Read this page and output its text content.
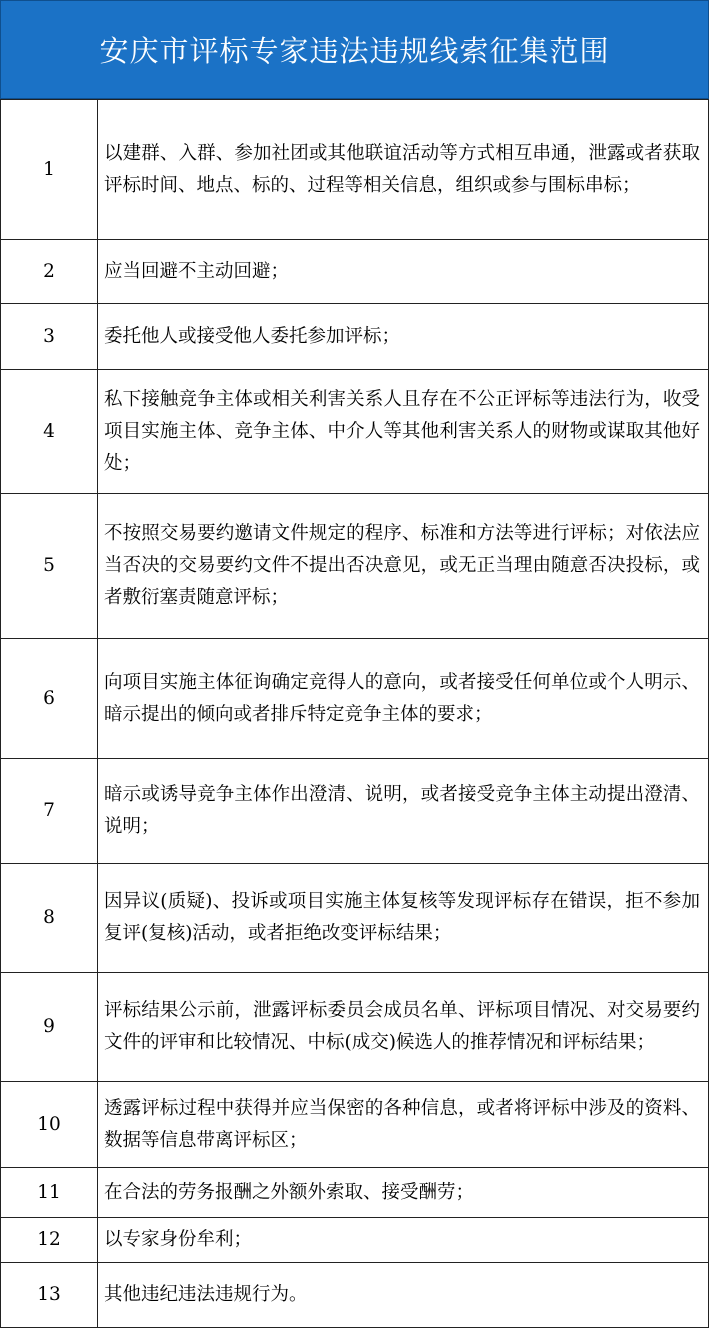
安庆市评标专家违法违规线索征集范围
1	以建群、入群、参加社团或其他联谊活动等方式相互串通，泄露或者获取评标时间、地点、标的、过程等相关信息，组织或参与围标串标；
2	应当回避不主动回避；
3	委托他人或接受他人委托参加评标；
4	私下接触竞争主体或相关利害关系人且存在不公正评标等违法行为，收受项目实施主体、竞争主体、中介人等其他利害关系人的财物或谋取其他好处；
5	不按照交易要约邀请文件规定的程序、标准和方法等进行评标；对依法应当否决的交易要约文件不提出否决意见，或无正当理由随意否决投标，或者敷衍塞责随意评标；
6	向项目实施主体征询确定竞得人的意向，或者接受任何单位或个人明示、暗示提出的倾向或者排斥特定竞争主体的要求；
7	暗示或诱导竞争主体作出澄清、说明，或者接受竞争主体主动提出澄清、说明；
8	因异议(质疑)、投诉或项目实施主体复核等发现评标存在错误，拒不参加复评(复核)活动，或者拒绝改变评标结果；
9	评标结果公示前，泄露评标委员会成员名单、评标项目情况、对交易要约文件的评审和比较情况、中标(成交)候选人的推荐情况和评标结果；
10	透露评标过程中获得并应当保密的各种信息，或者将评标中涉及的资料、数据等信息带离评标区；
11	在合法的劳务报酬之外额外索取、接受酬劳；
12	以专家身份牟利；
13	其他违纪违法违规行为。
